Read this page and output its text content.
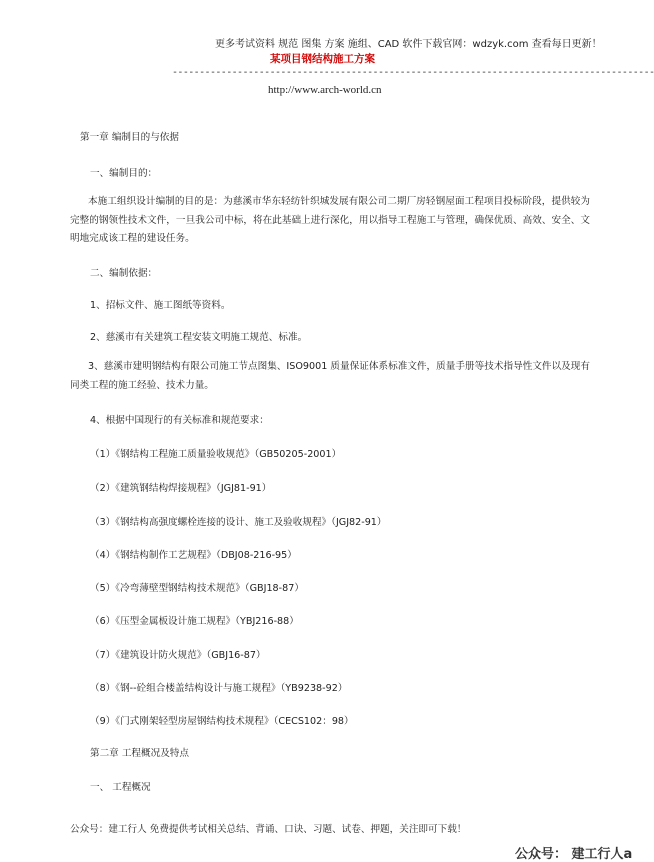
更多考试资料 规范 图集 方案 施组、CAD 软件下载官网：wdzyk.com 查看每日更新！
某项目钢结构施工方案
-----------------------------------------------------------------------------------------
http://www.arch-world.cn
第一章 编制目的与依据
一、编制目的：
本施工组织设计编制的目的是：为慈溪市华东轻纺针织城发展有限公司二期厂房轻钢屋面工程项目投标阶段，提供较为完整的钢领性技术文件，一旦我公司中标，将在此基础上进行深化，用以指导工程施工与管理，确保优质、高效、安全、文明地完成该工程的建设任务。
二、编制依据：
1、招标文件、施工图纸等资料。
2、慈溪市有关建筑工程安装文明施工规范、标准。
3、慈溪市建明钢结构有限公司施工节点图集、ISO9001 质量保证体系标准文件，质量手册等技术指导性文件以及现有同类工程的施工经验、技术力量。
4、根据中国现行的有关标准和规范要求：
（1）《钢结构工程施工质量验收规范》（GB50205-2001）
（2）《建筑钢结构焊接规程》（JGJ81-91）
（3）《钢结构高强度螺栓连接的设计、施工及验收规程》（JGJ82-91）
（4）《钢结构制作工艺规程》（DBJ08-216-95）
（5）《冷弯薄壁型钢结构技术规范》（GBJ18-87）
（6）《压型金属板设计施工规程》（YBJ216-88）
（7）《建筑设计防火规范》（GBJ16-87）
（8）《钢--砼组合楼盖结构设计与施工规程》（YB9238-92）
（9）《门式刚架轻型房屋钢结构技术规程》（CECS102：98）
第二章 工程概况及特点
一、 工程概况
公众号：建工行人 免费提供考试相关总结、背诵、口诀、习题、试卷、押题，关注即可下载！
公众号： 建工行人a
